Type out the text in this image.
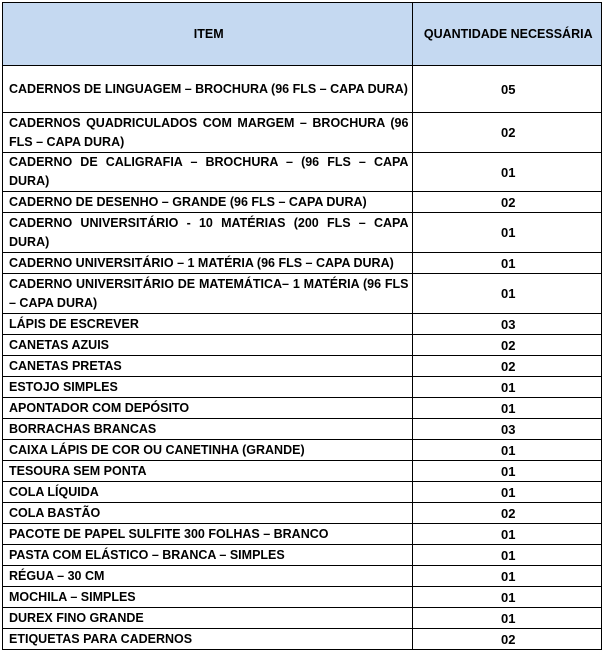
ITEM	QUANTIDADE NECESSÁRIA
CADERNOS DE LINGUAGEM – BROCHURA (96 FLS – CAPA DURA)	05
CADERNOS QUADRICULADOS COM MARGEM – BROCHURA (96 FLS – CAPA DURA)	02
CADERNO DE CALIGRAFIA – BROCHURA – (96 FLS – CAPA DURA)	01
CADERNO DE DESENHO – GRANDE (96 FLS – CAPA DURA)	02
CADERNO UNIVERSITÁRIO - 10 MATÉRIAS (200 FLS – CAPA DURA)	01
CADERNO UNIVERSITÁRIO – 1 MATÉRIA (96 FLS – CAPA DURA)	01
CADERNO UNIVERSITÁRIO DE MATEMÁTICA– 1 MATÉRIA (96 FLS – CAPA DURA)	01
LÁPIS DE ESCREVER	03
CANETAS AZUIS	02
CANETAS PRETAS	02
ESTOJO SIMPLES	01
APONTADOR COM DEPÓSITO	01
BORRACHAS BRANCAS	03
CAIXA LÁPIS DE COR OU CANETINHA (GRANDE)	01
TESOURA SEM PONTA	01
COLA LÍQUIDA	01
COLA BASTÃO	02
PACOTE DE PAPEL SULFITE 300 FOLHAS – BRANCO	01
PASTA COM ELÁSTICO – BRANCA – SIMPLES	01
RÉGUA – 30 CM	01
MOCHILA – SIMPLES	01
DUREX FINO GRANDE	01
ETIQUETAS PARA CADERNOS	02
